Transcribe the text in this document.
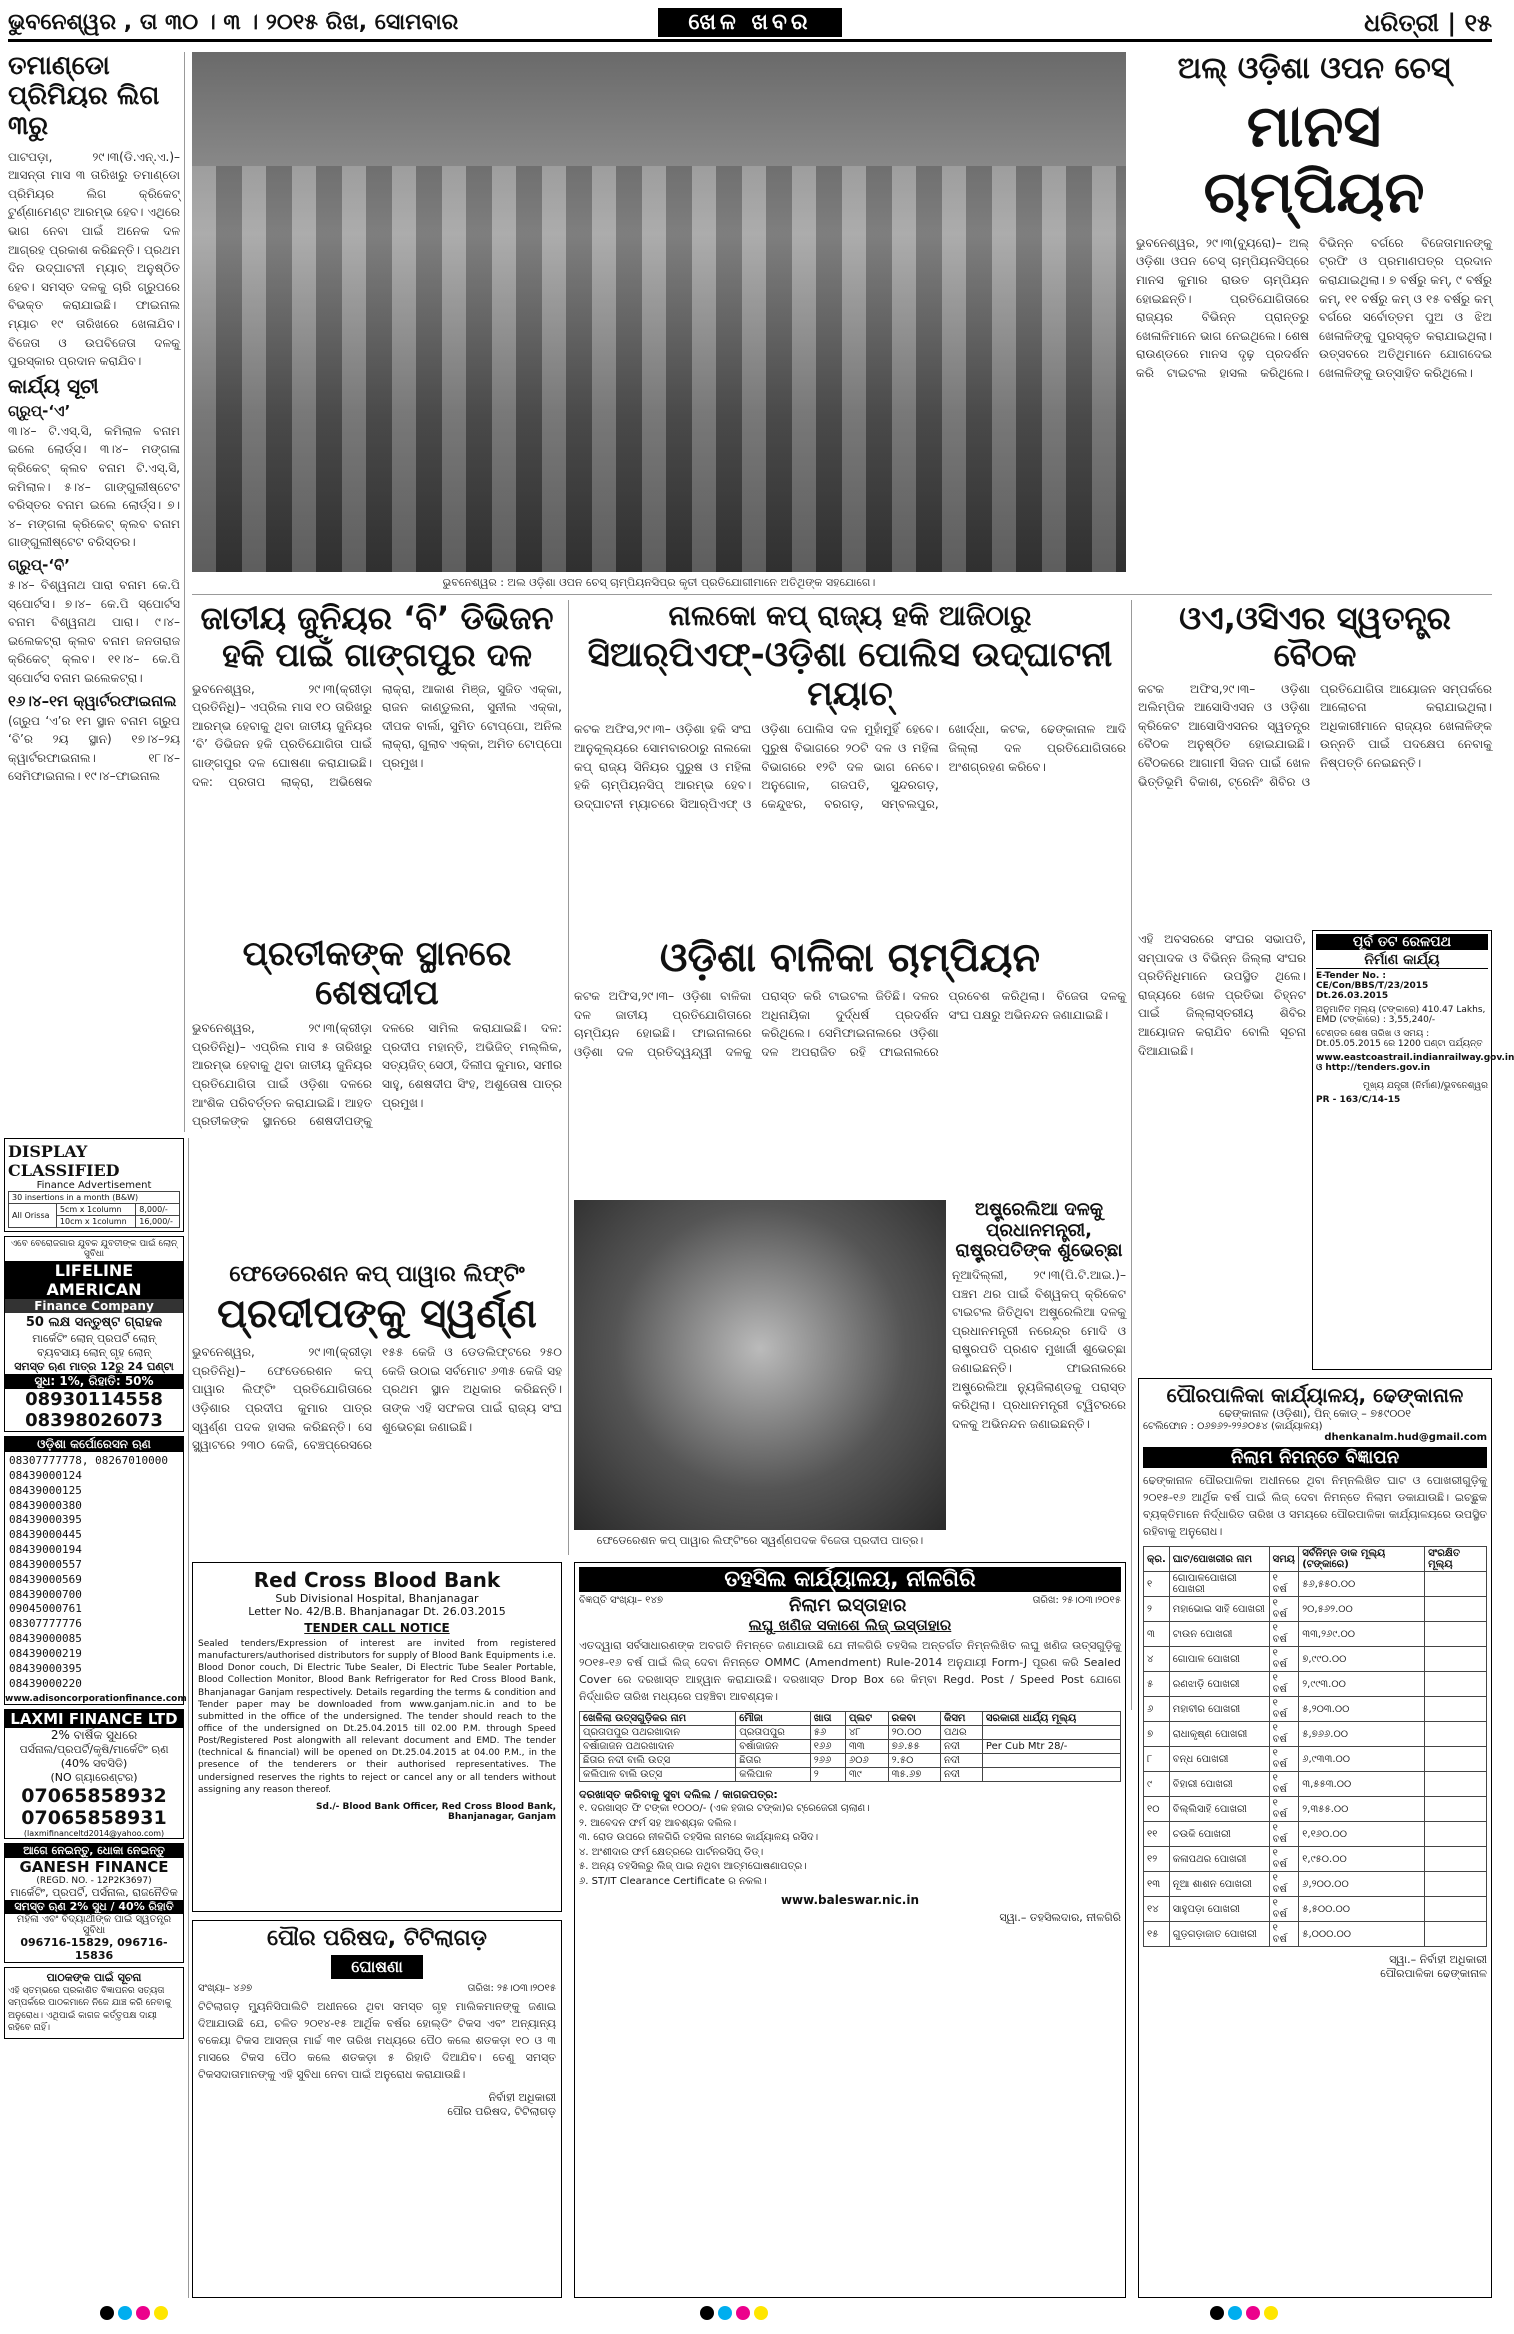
ଭୁବନେଶ୍ୱର , ତା ୩୦ । ୩ । ୨୦୧୫ ରିଖ, ସୋମବାର	ଖେଳ ଖବର	ଧରିତ୍ରୀ | ୧୫
ତମାଣ୍ଡୋ ପ୍ରିମିୟର ଲିଗ ୩ରୁ
ପାଟପଡ଼ା, ୨୯।୩(ଡି.ଏନ୍.ଏ.)– ଆସନ୍ତା ମାସ ୩ ତାରିଖରୁ ତମାଣ୍ଡୋ ପ୍ରିମିୟର ଲିଗ କ୍ରିକେଟ୍ ଟୁର୍ଣ୍ଣାମେଣ୍ଟ ଆରମ୍ଭ ହେବ। ଏଥିରେ ଭାଗ ନେବା ପାଇଁ ଅନେକ ଦଳ ଆଗ୍ରହ ପ୍ରକାଶ କରିଛନ୍ତି। ପ୍ରଥମ ଦିନ ଉଦ୍‌ଘାଟନୀ ମ୍ୟାଚ୍ ଅନୁଷ୍ଠିତ ହେବ। ସମସ୍ତ ଦଳକୁ ଚାରି ଗ୍ରୁପରେ ବିଭକ୍ତ କରାଯାଇଛି। ଫାଇନାଲ ମ୍ୟାଚ ୧୯ ତାରିଖରେ ଖେଳାଯିବ। ବିଜେତା ଓ ଉପବିଜେତା ଦଳକୁ ପୁରସ୍କାର ପ୍ରଦାନ କରାଯିବ।
କାର୍ଯ୍ୟ ସୂଚୀ
ଗ୍ରୁପ୍-‘ଏ’
୩।୪– ଟି.ଏସ୍.ସି, କମିଲାଳ ବନାମ ଇଲେ ଲୋର୍ଡ୍ସ। ୩।୪– ମଙ୍ଗଳା କ୍ରିକେଟ୍ କ୍ଲବ ବନାମ ଟି.ଏସ୍.ସି, କମିଲାଳ। ୫।୪– ଗାଙ୍ଗୁଲୀଷ୍ଟେଟ ବରିସ୍ତର ବନାମ ଇଲେ ଲୋର୍ଡ୍ସ। ୭।୪– ମଙ୍ଗଳା କ୍ରିକେଟ୍ କ୍ଲବ ବନାମ ଗାଙ୍ଗୁଲୀଷ୍ଟେଟ ବରିସ୍ତର।
ଗ୍ରୁପ୍-‘ବି’
୫।୪– ବିଶ୍ୱନାଥ ପାରା ବନାମ କେ.ପି ସ୍ପୋର୍ଟସ। ୭।୪– କେ.ପି ସ୍ପୋର୍ଟସ ବନାମ ବିଶ୍ୱନାଥ ପାରା। ୯।୪– ଇଲେକଟ୍ରା କ୍ଲବ ବନାମ ଜନତାରାଜ କ୍ରିକେଟ୍ କ୍ଲବ। ୧୧।୪– କେ.ପି ସ୍ପୋର୍ଟସ ବନାମ ଇଲେକଟ୍ରା।
୧୬।୪–୧ମ କ୍ୱାର୍ଟରଫାଇନାଲ
(ଗ୍ରୁପ ‘ଏ’ର ୧ମ ସ୍ଥାନ ବନାମ ଗ୍ରୁପ ‘ବି’ର ୨ୟ ସ୍ଥାନ) ୧୭।୪–୨ୟ କ୍ୱାର୍ଟରଫାଇନାଲ। ୧୮।୪–ସେମିଫାଇନାଲ। ୧୯।୪–ଫାଇନାଲ
DISPLAY CLASSIFIED
Finance Advertisement
30 insertions in a month (B&W)		
All Orissa	5cm x 1column	8,000/-
	10cm x 1column	16,000/-
ଏବେ ବେରୋଜଗାର ଯୁବକ ଯୁବତୀଙ୍କ ପାଇଁ ଲୋନ୍ ସୁବିଧା
LIFELINE AMERICAN
Finance Company
50 ଲକ୍ଷ ସନ୍ତୁଷ୍ଟ ଗ୍ରାହକ
ମାର୍କେଟିଂ ଲୋନ୍ ପ୍ରପର୍ଟି ଲୋନ୍
ବ୍ୟବସାୟ ଲୋନ୍ ଗୃହ ଲୋନ୍
ସମସ୍ତ ଋଣ ମାତ୍ର 12ରୁ 24 ଘଣ୍ଟା
ସୁଧ: 1%, ରିହାତି: 50%
08930114558
08398026073
ଓଡ଼ିଶା କର୍ପୋରେସନ ଋଣ
08307777778, 08267010000
08439000124
08439000125
08439000380
08439000395
08439000445
08439000194
08439000557
08439000569
08439000700
09045000761
08307777776
08439000085
08439000219
08439000395
08439000220
www.adisoncorporationfinance.com
LAXMI FINANCE LTD
2% ବାର୍ଷିକ ସୁଧରେ
ପର୍ସନାଲ/ପ୍ରପର୍ଟି/କୃଷି/ମାର୍କେଟିଂ ଋଣ
(40% ସବସିଡି)
(NO ଗ୍ୟାରେଣ୍ଟର)
07065858932
07065858931
(laxmifinanceltd2014@yahoo.com)
ଆଗେ ନେଇନ୍ତୁ, ଧୋକା ନେଇନ୍ତୁ
GANESH FINANCE
(REGD. NO. - 12P2K3697)
ମାର୍କେଟିଂ, ପ୍ରପର୍ଟି, ପର୍ସନାଲ, ରାଜନୈତିକ
ସମସ୍ତ ଋଣ 2% ସୁଧ / 40% ରିହାତି
ମହିଳା ଏବଂ ବିଦ୍ୟାର୍ଥୀଙ୍କ ପାଇଁ ସ୍ୱତନ୍ତ୍ର ସୁବିଧା
096716-15829, 096716-15836
ପାଠକଙ୍କ ପାଇଁ ସୂଚନା
ଏହି ସ୍ତମ୍ଭରେ ପ୍ରକାଶିତ ବିଜ୍ଞାପନର ସତ୍ୟତା ସମ୍ପର୍କରେ ପାଠକମାନେ ନିଜେ ଯାଞ୍ଚ କରି ନେବାକୁ ଅନୁରୋଧ। ଏଥିପାଇଁ କାଗଜ କର୍ତ୍ତୃପକ୍ଷ ଦାୟୀ ରହିବେ ନାହିଁ।
ଭୁବନେଶ୍ୱର : ଅଲ ଓଡ଼ିଶା ଓପନ ଚେସ୍ ଚାମ୍ପିୟନସିପ୍‌ର କୃତୀ ପ୍ରତିଯୋଗୀମାନେ ଅତିଥିଙ୍କ ସହଯୋଗେ।
ଅଲ୍ ଓଡ଼ିଶା ଓପନ ଚେସ୍
ମାନସ ଚାମ୍ପିୟନ
ଭୁବନେଶ୍ୱର, ୨୯।୩(ବ୍ୟୁରୋ)– ଅଲ୍ ଓଡ଼ିଶା ଓପନ ଚେସ୍ ଚାମ୍ପିୟନସିପ୍‌ରେ ମାନସ କୁମାର ରାଉତ ଚାମ୍ପିୟନ ହୋଇଛନ୍ତି। ପ୍ରତିଯୋଗିତାରେ ରାଜ୍ୟର ବିଭିନ୍ନ ପ୍ରାନ୍ତରୁ ଖେଳାଳିମାନେ ଭାଗ ନେଇଥିଲେ। ଶେଷ ରାଉଣ୍ଡରେ ମାନସ ଦୃଢ଼ ପ୍ରଦର୍ଶନ କରି ଟାଇଟଲ ହାସଲ କରିଥିଲେ। ବିଭିନ୍ନ ବର୍ଗରେ ବିଜେତାମାନଙ୍କୁ ଟ୍ରଫି ଓ ପ୍ରମାଣପତ୍ର ପ୍ରଦାନ କରାଯାଇଥିଲା। ୭ ବର୍ଷରୁ କମ୍, ୯ ବର୍ଷରୁ କମ୍, ୧୧ ବର୍ଷରୁ କମ୍ ଓ ୧୫ ବର୍ଷରୁ କମ୍ ବର୍ଗରେ ସର୍ବୋତ୍ତମ ପୁଅ ଓ ଝିଅ ଖେଳାଳିଙ୍କୁ ପୁରସ୍କୃତ କରାଯାଇଥିଲା। ଉତ୍ସବରେ ଅତିଥିମାନେ ଯୋଗଦେଇ ଖେଳାଳିଙ୍କୁ ଉତ୍ସାହିତ କରିଥିଲେ।
ଜାତୀୟ ଜୁନିୟର ‘ବି’ ଡିଭିଜନ ହକି ପାଇଁ ଗାଙ୍ଗପୁର ଦଳ
ଭୁବନେଶ୍ୱର, ୨୯।୩(କ୍ରୀଡ଼ା ପ୍ରତିନିଧି)– ଏପ୍ରିଲ ମାସ ୧୦ ତାରିଖରୁ ଆରମ୍ଭ ହେବାକୁ ଥିବା ଜାତୀୟ ଜୁନିୟର ‘ବି’ ଡିଭିଜନ ହକି ପ୍ରତିଯୋଗିତା ପାଇଁ ଗାଙ୍ଗପୁର ଦଳ ଘୋଷଣା କରାଯାଇଛି। ଦଳ: ପ୍ରତାପ ଲାକ୍ରା, ଅଭିଷେକ ଲାକ୍ରା, ଆକାଶ ମିଞ୍ଜ, ସୁଜିତ ଏକ୍କା, ରାଜନ କାଣ୍ଡୁଲନା, ସୁନୀଲ ଏକ୍କା, ଦୀପକ ବାର୍ଲା, ସୁମିତ ଟୋପ୍ପୋ, ଅନିଲ ଲାକ୍ରା, ଗୁଲାବ ଏକ୍କା, ଅମିତ ଟୋପ୍ପୋ ପ୍ରମୁଖ।
ପ୍ରତୀକଙ୍କ ସ୍ଥାନରେ ଶେଷଦୀପ
ଭୁବନେଶ୍ୱର, ୨୯।୩(କ୍ରୀଡ଼ା ପ୍ରତିନିଧି)– ଏପ୍ରିଲ ମାସ ୫ ତାରିଖରୁ ଆରମ୍ଭ ହେବାକୁ ଥିବା ଜାତୀୟ ଜୁନିୟର ପ୍ରତିଯୋଗିତା ପାଇଁ ଓଡ଼ିଶା ଦଳରେ ଆଂଶିକ ପରିବର୍ତ୍ତନ କରାଯାଇଛି। ଆହତ ପ୍ରତୀକଙ୍କ ସ୍ଥାନରେ ଶେଷଦୀପଙ୍କୁ ଦଳରେ ସାମିଲ କରାଯାଇଛି। ଦଳ: ପ୍ରଦୀପ ମହାନ୍ତି, ଅଭିଜିତ୍ ମଲ୍ଲିକ, ସତ୍ୟଜିତ୍ ସେଠୀ, ଦିଲୀପ କୁମାର, ସମୀର ସାହୁ, ଶେଷଦୀପ ସିଂହ, ଅଶୁତୋଷ ପାତ୍ର ପ୍ରମୁଖ।
ଫେଡେରେଶନ କପ୍ ପାୱାର ଲିଫ୍ଟିଂ
ପ୍ରଦୀପଙ୍କୁ ସ୍ୱର୍ଣ୍ଣ
ଭୁବନେଶ୍ୱର, ୨୯।୩(କ୍ରୀଡ଼ା ପ୍ରତିନିଧି)– ଫେଡେରେଶନ କପ୍ ପାୱାର ଲିଫ୍ଟିଂ ପ୍ରତିଯୋଗିତାରେ ଓଡ଼ିଶାର ପ୍ରଦୀପ କୁମାର ପାତ୍ର ସ୍ୱର୍ଣ୍ଣ ପଦକ ହାସଲ କରିଛନ୍ତି। ସେ ସ୍କ୍ୱାଟରେ ୨୩୦ କେଜି, ବେଞ୍ଚପ୍ରେସରେ ୧୫୫ କେଜି ଓ ଡେଡଲିଫ୍ଟରେ ୨୫୦ କେଜି ଉଠାଇ ସର୍ବମୋଟ ୬୩୫ କେଜି ସହ ପ୍ରଥମ ସ୍ଥାନ ଅଧିକାର କରିଛନ୍ତି। ତାଙ୍କ ଏହି ସଫଳତା ପାଇଁ ରାଜ୍ୟ ସଂଘ ଶୁଭେଚ୍ଛା ଜଣାଇଛି।
ନାଲକୋ କପ୍ ରାଜ୍ୟ ହକି ଆଜିଠାରୁ
ସିଆର୍‌ପିଏଫ୍-ଓଡ଼ିଶା ପୋଲିସ ଉଦ୍‌ଘାଟନୀ ମ୍ୟାଚ୍
କଟକ ଅଫିସ,୨୯।୩– ଓଡ଼ିଶା ହକି ସଂଘ ଆନୁକୂଲ୍ୟରେ ସୋମବାରଠାରୁ ନାଲକୋ କପ୍ ରାଜ୍ୟ ସିନିୟର ପୁରୁଷ ଓ ମହିଳା ହକି ଚାମ୍ପିୟନସିପ୍ ଆରମ୍ଭ ହେବ। ଉଦ୍‌ଘାଟନୀ ମ୍ୟାଚରେ ସିଆର୍‌ପିଏଫ୍ ଓ ଓଡ଼ିଶା ପୋଲିସ ଦଳ ମୁହାଁମୁହିଁ ହେବେ। ପୁରୁଷ ବିଭାଗରେ ୨୦ଟି ଦଳ ଓ ମହିଳା ବିଭାଗରେ ୧୨ଟି ଦଳ ଭାଗ ନେବେ। ଅନୁଗୋଳ, ଗଜପତି, ସୁନ୍ଦରଗଡ଼, କେନ୍ଦୁଝର, ବରଗଡ଼, ସମ୍ବଲପୁର, ଖୋର୍ଦ୍ଧା, କଟକ, ଢେଙ୍କାନାଳ ଆଦି ଜିଲ୍ଲା ଦଳ ପ୍ରତିଯୋଗିତାରେ ଅଂଶଗ୍ରହଣ କରିବେ।
ଓଡ଼ିଶା ବାଳିକା ଚାମ୍ପିୟନ
କଟକ ଅଫିସ,୨୯।୩– ଓଡ଼ିଶା ବାଳିକା ଦଳ ଜାତୀୟ ପ୍ରତିଯୋଗିତାରେ ଚାମ୍ପିୟନ ହୋଇଛି। ଫାଇନାଲରେ ଓଡ଼ିଶା ଦଳ ପ୍ରତିଦ୍ୱନ୍ଦ୍ୱୀ ଦଳକୁ ପରାସ୍ତ କରି ଟାଇଟଲ ଜିତିଛି। ଦଳର ଅଧିନାୟିକା ଦୁର୍ଦ୍ଧର୍ଷ ପ୍ରଦର୍ଶନ କରିଥିଲେ। ସେମିଫାଇନାଲରେ ଓଡ଼ିଶା ଦଳ ଅପରାଜିତ ରହି ଫାଇନାଲରେ ପ୍ରବେଶ କରିଥିଲା। ବିଜେତା ଦଳକୁ ସଂଘ ପକ୍ଷରୁ ଅଭିନନ୍ଦନ ଜଣାଯାଇଛି।
ଫେଡେରେଶନ କପ୍ ପାୱାର ଲିଫ୍ଟିଂରେ ସ୍ୱର୍ଣ୍ଣପଦକ ବିଜେତା ପ୍ରଦୀପ ପାତ୍ର।
ଅଷ୍ଟ୍ରେଲିଆ ଦଳକୁ ପ୍ରଧାନମନ୍ତ୍ରୀ, ରାଷ୍ଟ୍ରପତିଙ୍କ ଶୁଭେଚ୍ଛା
ନୂଆଦିଲ୍ଲୀ, ୨୯।୩(ପି.ଟି.ଆଇ.)– ପଞ୍ଚମ ଥର ପାଇଁ ବିଶ୍ୱକପ୍ କ୍ରିକେଟ ଟାଇଟଲ ଜିତିଥିବା ଅଷ୍ଟ୍ରେଲିଆ ଦଳକୁ ପ୍ରଧାନମନ୍ତ୍ରୀ ନରେନ୍ଦ୍ର ମୋଦି ଓ ରାଷ୍ଟ୍ରପତି ପ୍ରଣବ ମୁଖାର୍ଜୀ ଶୁଭେଚ୍ଛା ଜଣାଇଛନ୍ତି। ଫାଇନାଲରେ ଅଷ୍ଟ୍ରେଲିଆ ନ୍ୟୁଜିଲାଣ୍ଡକୁ ପରାସ୍ତ କରିଥିଲା। ପ୍ରଧାନମନ୍ତ୍ରୀ ଟ୍ୱିଟରରେ ଦଳକୁ ଅଭିନନ୍ଦନ ଜଣାଇଛନ୍ତି।
ଓଏ,ଓସିଏର ସ୍ୱତନ୍ତ୍ର ବୈଠକ
କଟକ ଅଫିସ,୨୯।୩– ଓଡ଼ିଶା ଅଲିମ୍ପିକ ଆସୋସିଏସନ ଓ ଓଡ଼ିଶା କ୍ରିକେଟ ଆସୋସିଏସନର ସ୍ୱତନ୍ତ୍ର ବୈଠକ ଅନୁଷ୍ଠିତ ହୋଇଯାଇଛି। ବୈଠକରେ ଆଗାମୀ ସିଜନ ପାଇଁ ଖେଳ ଭିତ୍ତିଭୂମି ବିକାଶ, ଟ୍ରେନିଂ ଶିବିର ଓ ପ୍ରତିଯୋଗିତା ଆୟୋଜନ ସମ୍ପର୍କରେ ଆଲୋଚନା କରାଯାଇଥିଲା। ଅଧିକାରୀମାନେ ରାଜ୍ୟର ଖେଳାଳିଙ୍କ ଉନ୍ନତି ପାଇଁ ପଦକ୍ଷେପ ନେବାକୁ ନିଷ୍ପତ୍ତି ନେଇଛନ୍ତି।
ଏହି ଅବସରରେ ସଂଘର ସଭାପତି, ସମ୍ପାଦକ ଓ ବିଭିନ୍ନ ଜିଲ୍ଲା ସଂଘର ପ୍ରତିନିଧିମାନେ ଉପସ୍ଥିତ ଥିଲେ। ରାଜ୍ୟରେ ଖେଳ ପ୍ରତିଭା ଚିହ୍ନଟ ପାଇଁ ଜିଲ୍ଲାସ୍ତରୀୟ ଶିବିର ଆୟୋଜନ କରାଯିବ ବୋଲି ସୂଚନା ଦିଆଯାଇଛି।
ପୂର୍ବ ତଟ ରେଳପଥ
ନିର୍ମାଣ କାର୍ଯ୍ୟ
E-Tender No. : CE/Con/BBS/T/23/2015 Dt.26.03.2015
ଅନୁମାନିତ ମୂଲ୍ୟ (ଟଙ୍କାରେ) 410.47 Lakhs, EMD (ଟଙ୍କାରେ) : 3,55,240/-
ଟେଣ୍ଡର ଶେଷ ତାରିଖ ଓ ସମୟ : Dt.05.05.2015 ରେ 1200 ଘଣ୍ଟା ପର୍ଯ୍ୟନ୍ତ
www.eastcoastrail.indianrailway.gov.in ଓ http://tenders.gov.in
ମୁଖ୍ୟ ଯନ୍ତ୍ରୀ (ନିର୍ମାଣ)/ଭୁବନେଶ୍ୱର
PR - 163/C/14-15
ପୌରପାଳିକା କାର୍ଯ୍ୟାଳୟ, ଢେଙ୍କାନାଳ
ଢେଙ୍କାନାଳ (ଓଡ଼ିଶା), ପିନ୍ କୋଡ୍ – ୭୫୯୦୦୧
ଟେଲିଫୋନ : ୦୬୭୬୨-୨୨୬୦୫୪ (କାର୍ଯ୍ୟାଳୟ)
dhenkanalm.hud@gmail.com
ନିଲାମ ନିମନ୍ତେ ବିଜ୍ଞାପନ
ଢେଙ୍କାନାଳ ପୌରପାଳିକା ଅଧୀନରେ ଥିବା ନିମ୍ନଲିଖିତ ଘାଟ ଓ ପୋଖରୀଗୁଡ଼ିକୁ ୨୦୧୫-୧୬ ଆର୍ଥିକ ବର୍ଷ ପାଇଁ ଲିଜ୍ ଦେବା ନିମନ୍ତେ ନିଲାମ ଡକାଯାଉଛି। ଇଚ୍ଛୁକ ବ୍ୟକ୍ତିମାନେ ନିର୍ଦ୍ଧାରିତ ତାରିଖ ଓ ସମୟରେ ପୌରପାଳିକା କାର୍ଯ୍ୟାଳୟରେ ଉପସ୍ଥିତ ରହିବାକୁ ଅନୁରୋଧ।
କ୍ର.	ଘାଟ/ପୋଖରୀର ନାମ	ସମୟ	ସର୍ବନିମ୍ନ ଡାକ ମୂଲ୍ୟ (ଟଙ୍କାରେ)	ସଂରକ୍ଷିତ ମୂଲ୍ୟ
୧	ଗୋପାଳପୋଖରୀ ପୋଖରୀ	୧ ବର୍ଷ	୫୬,୫୫୦.୦୦	
୨	ମହାଭୋଇ ସାହି ପୋଖରୀ	୧ ବର୍ଷ	୨୦,୫୬୨.୦୦	
୩	ଟାଉନ ପୋଖରୀ	୧ ବର୍ଷ	୩୩,୨୬୯.୦୦	
୪	ଗୋପାଳ ପୋଖରୀ	୧ ବର୍ଷ	୭,୯୯୦.୦୦	
୫	ରଣଝାଡ଼ି ପୋଖରୀ	୧ ବର୍ଷ	୨,୯୯୩.୦୦	
୬	ମହାବୀର ପୋଖରୀ	୧ ବର୍ଷ	୫,୨୦୩.୦୦	
୭	ରାଧାକୃଷ୍ଣ ପୋଖରୀ	୧ ବର୍ଷ	୫,୭୬୬.୦୦	
୮	ବନ୍ଧ ପୋଖରୀ	୧ ବର୍ଷ	୬,୯୩୩.୦୦	
୯	ବିହାରୀ ପୋଖରୀ	୧ ବର୍ଷ	୩,୫୫୩.୦୦	
୧୦	ବିଲ୍ଲିସାହି ପୋଖରୀ	୧ ବର୍ଷ	୨,୩୫୫.୦୦	
୧୧	ଚଉକି ପୋଖରୀ	୧ ବର୍ଷ	୧,୧୬୦.୦୦	
୧୨	କଳାପଥର ପୋଖରୀ	୧ ବର୍ଷ	୧,୯୫୦.୦୦	
୧୩	ନୂଆ ଶାଶନ ପୋଖରୀ	୧ ବର୍ଷ	୬,୨୦୦.୦୦	
୧୪	ସାହୁପଡ଼ା ପୋଖରୀ	୧ ବର୍ଷ	୫,୫୦୦.୦୦	
୧୫	ଗୁଡ଼ଗଡ଼ାଜାତ ପୋଖରୀ	୧ ବର୍ଷ	୫,୦୦୦.୦୦	
ସ୍ୱା.– ନିର୍ବାହୀ ଅଧିକାରୀ
ପୌରପାଳିକା ଢେଙ୍କାନାଳ
ତହସିଲ କାର୍ଯ୍ୟାଳୟ, ନୀଳଗିରି
ବିଜ୍ଞପ୍ତି ସଂଖ୍ୟା– ୧୪୭	ନିଲାମ ଇସ୍ତାହାର	ତାରିଖ: ୨୫।୦୩।୨୦୧୫
ଲଘୁ ଖଣିଜ ସକାଶେ ଲିଜ୍ ଇସ୍ତାହାର
ଏତଦ୍ୱାରା ସର୍ବସାଧାରଣଙ୍କ ଅବଗତି ନିମନ୍ତେ ଜଣାଯାଉଛି ଯେ ନୀଳଗିରି ତହସିଲ ଅନ୍ତର୍ଗତ ନିମ୍ନଲିଖିତ ଲଘୁ ଖଣିଜ ଉତ୍ସଗୁଡ଼ିକୁ ୨୦୧୫-୧୬ ବର୍ଷ ପାଇଁ ଲିଜ୍ ଦେବା ନିମନ୍ତେ OMMC (Amendment) Rule-2014 ଅନୁଯାୟୀ Form-J ପୂରଣ କରି Sealed Cover ରେ ଦରଖାସ୍ତ ଆହ୍ୱାନ କରାଯାଉଛି। ଦରଖାସ୍ତ Drop Box ରେ କିମ୍ବା Regd. Post / Speed Post ଯୋଗେ ନିର୍ଦ୍ଧାରିତ ତାରିଖ ମଧ୍ୟରେ ପହଞ୍ଚିବା ଆବଶ୍ୟକ।
ଖେଳିଲା ଉତ୍ସଗୁଡ଼ିକର ନାମ	ମୌଜା	ଖାତା	ପ୍ଲଟ	ରକବା	କିସମ	ସରକାରୀ ଧାର୍ଯ୍ୟ ମୂଲ୍ୟ
ପ୍ରତାପପୁର ପଥରଖାଦାନ	ପ୍ରତାପପୁର	୫୬	୪୮	୨୦.୦୦	ପଥର	
ବର୍ଷାଜାଜନ ପଥରଖାଦାନ	ବର୍ଷାଜାଜନ	୧୬୬	୩୩	୭୬.୫୫	ନଦୀ	Per Cub Mtr 28/-
ଛିତାର ନଦୀ ବାଲି ଉତ୍ସ	ଛିତାର	୨୬୬	୬୦୬	୨.୫୦	ନଦୀ	
କଲିପାଳ ବାଲି ଉତ୍ସ	କଲିପାଳ	୨	୩୯	୩୫.୬୭	ନଦୀ	
ଦରଖାସ୍ତ କରିବାକୁ ସୁବା ଦଲିଲ / କାଗଜପତ୍ର:
୧. ଦରଖାସ୍ତ ଫି ଟଙ୍କା ୧୦୦୦/- (ଏକ ହଜାର ଟଙ୍କା)ର ଟ୍ରେଜେରୀ ଚାଲାଣ।
୨. ଆବେଦନ ଫର୍ମ ସହ ଆବଶ୍ୟକ ଦଲିଲ।
୩. ରୋଡ ଉପରେ ନୀଳଗିରି ତହସିଲ ନାମରେ କାର୍ଯ୍ୟାଳୟ ରସିଦ।
୪. ଅଂଶୀଦାର ଫର୍ମ କ୍ଷେତ୍ରରେ ପାର୍ଟନରସିପ୍ ଡିଡ୍।
୫. ଅନ୍ୟ ତହସିଲରୁ ଲିଜ୍ ପାଇ ନଥିବା ଆତ୍ମଘୋଷଣାପତ୍ର।
୬. ST/IT Clearance Certificate ର ନକଲ।
www.baleswar.nic.in
ସ୍ୱା.– ତହସିଲଦାର, ନୀଳଗିରି
Red Cross Blood Bank
Sub Divisional Hospital, Bhanjanagar
Letter No. 42/B.B. Bhanjanagar Dt. 26.03.2015
TENDER CALL NOTICE
Sealed tenders/Expression of interest are invited from registered manufacturers/authorised distributors for supply of Blood Bank Equipments i.e. Blood Donor couch, Di Electric Tube Sealer, Di Electric Tube Sealer Portable, Blood Collection Monitor, Blood Bank Refrigerator for Red Cross Blood Bank, Bhanjanagar Ganjam respectively. Details regarding the terms & condition and Tender paper may be downloaded from www.ganjam.nic.in and to be submitted in the office of the undersigned. The tender should reach to the office of the undersigned on Dt.25.04.2015 till 02.00 P.M. through Speed Post/Registered Post alongwith all relevant document and EMD. The tender (technical & financial) will be opened on Dt.25.04.2015 at 04.00 P.M., in the presence of the tenderers or their authorised representatives. The undersigned reserves the rights to reject or cancel any or all tenders without assigning any reason thereof.
Sd./- Blood Bank Officer, Red Cross Blood Bank,
Bhanjanagar, Ganjam
ପୌର ପରିଷଦ, ଟିଟିଲାଗଡ଼
ଘୋଷଣା
ସଂଖ୍ୟା– ୪୬୭	ତାରିଖ: ୨୫।୦୩।୨୦୧୫
ଟିଟିଲାଗଡ଼ ମ୍ୟୁନିସିପାଲିଟି ଅଧୀନରେ ଥିବା ସମସ୍ତ ଗୃହ ମାଲିକମାନଙ୍କୁ ଜଣାଇ ଦିଆଯାଉଛି ଯେ, ଚଳିତ ୨୦୧୪-୧୫ ଆର୍ଥିକ ବର୍ଷର ହୋଲ୍ଡିଂ ଟିକସ ଏବଂ ଅନ୍ୟାନ୍ୟ ବକେୟା ଟିକସ ଆସନ୍ତା ମାର୍ଚ୍ଚ ୩୧ ତାରିଖ ମଧ୍ୟରେ ପୈଠ କଲେ ଶତକଡ଼ା ୧୦ ଓ ୩ ମାସରେ ଟିକସ ପୈଠ କଲେ ଶତକଡ଼ା ୫ ରିହାତି ଦିଆଯିବ। ତେଣୁ ସମସ୍ତ ଟିକସଦାତାମାନଙ୍କୁ ଏହି ସୁବିଧା ନେବା ପାଇଁ ଅନୁରୋଧ କରାଯାଉଛି।
ନିର୍ବାହୀ ଅଧିକାରୀ
ପୌର ପରିଷଦ, ଟିଟିଲାଗଡ଼
